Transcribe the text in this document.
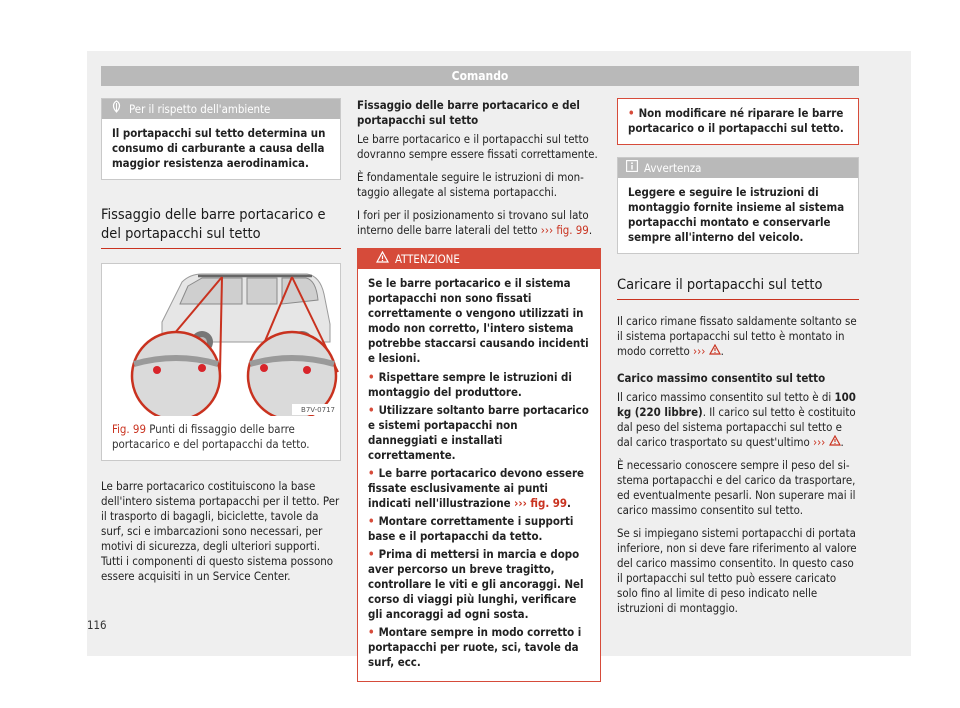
Comando
Per il rispetto dell'ambiente
Il portapacchi sul tetto determina un consumo di carburante a causa della maggior resistenza aerodinamica.
Fissaggio delle barre portacarico e del portapacchi sul tetto
B7V-0717
Fig. 99 Punti di fissaggio delle barre portacarico e del portapacchi da tetto.

Le barre portacarico costituiscono la base dell'intero sistema portapacchi per il tetto. Per il trasporto di bagagli, biciclette, tavole da surf, sci e imbarcazioni sono necessari, per motivi di sicurezza, degli ulteriori supporti. Tutti i componenti di questo sistema possono essere acquisiti in un Service Center.

Fissaggio delle barre portacarico e del portapacchi sul tetto

Le barre portacarico e il portapacchi sul tetto dovranno sempre essere fissati correttamente.

È fondamentale seguire le istruzioni di montaggio allegate al sistema portapacchi.

I fori per il posizionamento si trovano sul lato interno delle barre laterali del tetto ››› fig. 99.

ATTENZIONE

Se le barre portacarico e il sistema portapacchi non sono fissati correttamente o vengono utilizzati in modo non corretto, l'intero sistema potrebbe staccarsi causando incidenti e lesioni.

• Rispettare sempre le istruzioni di montaggio del produttore.
• Utilizzare soltanto barre portacarico e sistemi portapacchi non danneggiati e installati correttamente.
• Le barre portacarico devono essere fissate esclusivamente ai punti indicati nell'illustrazione ››› fig. 99.
• Montare correttamente i supporti base e il portapacchi da tetto.
• Prima di mettersi in marcia e dopo aver percorso un breve tragitto, controllare le viti e gli ancoraggi. Nel corso di viaggi più lunghi, verificare gli ancoraggi ad ogni sosta.
• Montare sempre in modo corretto i portapacchi per ruote, sci, tavole da surf, ecc.
• Non modificare né riparare le barre portacarico o il portapacchi sul tetto.
Avvertenza
Leggere e seguire le istruzioni di montaggio fornite insieme al sistema portapacchi montato e conservarle sempre all'interno del veicolo.
Caricare il portapacchi sul tetto

Il carico rimane fissato saldamente soltanto se il sistema portapacchi sul tetto è montato in modo corretto ››› .

Carico massimo consentito sul tetto

Il carico massimo consentito sul tetto è di 100 kg (220 libbre). Il carico sul tetto è costituito dal peso del sistema portapacchi sul tetto e dal carico trasportato su quest'ultimo ››› .

È necessario conoscere sempre il peso del sistema portapacchi e del carico da trasportare, ed eventualmente pesarli. Non superare mai il carico massimo consentito sul tetto.

Se si impiegano sistemi portapacchi di portata inferiore, non si deve fare riferimento al valore del carico massimo consentito. In questo caso il portapacchi sul tetto può essere caricato solo fino al limite di peso indicato nelle istruzioni di montaggio.

116
